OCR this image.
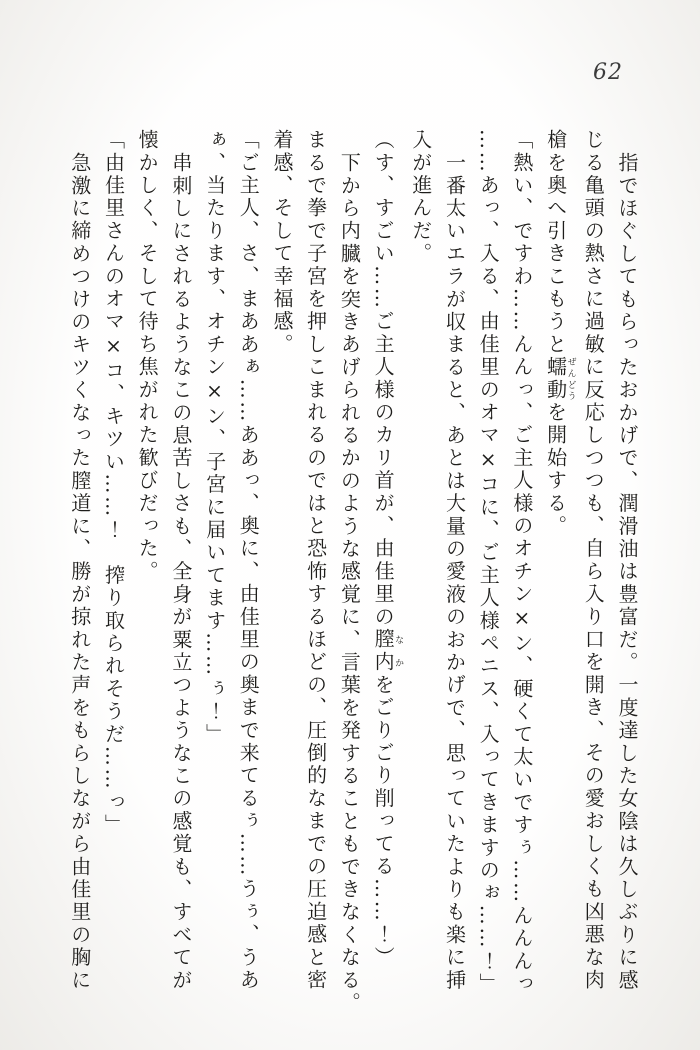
62

指でほぐしてもらったおかげで、潤滑油は豊富だ。一度達した女陰は久しぶりに感

じる亀頭の熱さに過敏に反応しつつも、自ら入り口を開き、その愛おしくも凶悪な肉

槍を奥へ引きこもうと蠕動ぜんどうを開始する。

「熱い、ですわ……んんっ、ご主人様のオチン×ン、硬くて太いですぅ……んんんっ

……あっ、入る、由佳里のオマ×コに、ご主人様ペニス、入ってきますのぉ……！」

一番太いエラが収まると、あとは大量の愛液のおかげで、思っていたよりも楽に挿

入が進んだ。

（す、すごい……ご主人様のカリ首が、由佳里の膣内なかをごりごり削ってる……！）

下から内臓を突きあげられるかのような感覚に、言葉を発することもできなくなる。

まるで拳で子宮を押しこまれるのではと恐怖するほどの、圧倒的なまでの圧迫感と密

着感、そして幸福感。

「ご主人、さ、まああぁ……ああっ、奥に、由佳里の奥まで来てるぅ……うぅ、うあ

ぁ、当たります、オチン×ン、子宮に届いてます……ぅ！」

串刺しにされるようなこの息苦しさも、全身が粟立つようなこの感覚も、すべてが

懐かしく、そして待ち焦がれた歓びだった。

「由佳里さんのオマ×コ、キツい……！　搾り取られそうだ……っ」

急激に締めつけのキツくなった膣道に、勝が掠れた声をもらしながら由佳里の胸に
